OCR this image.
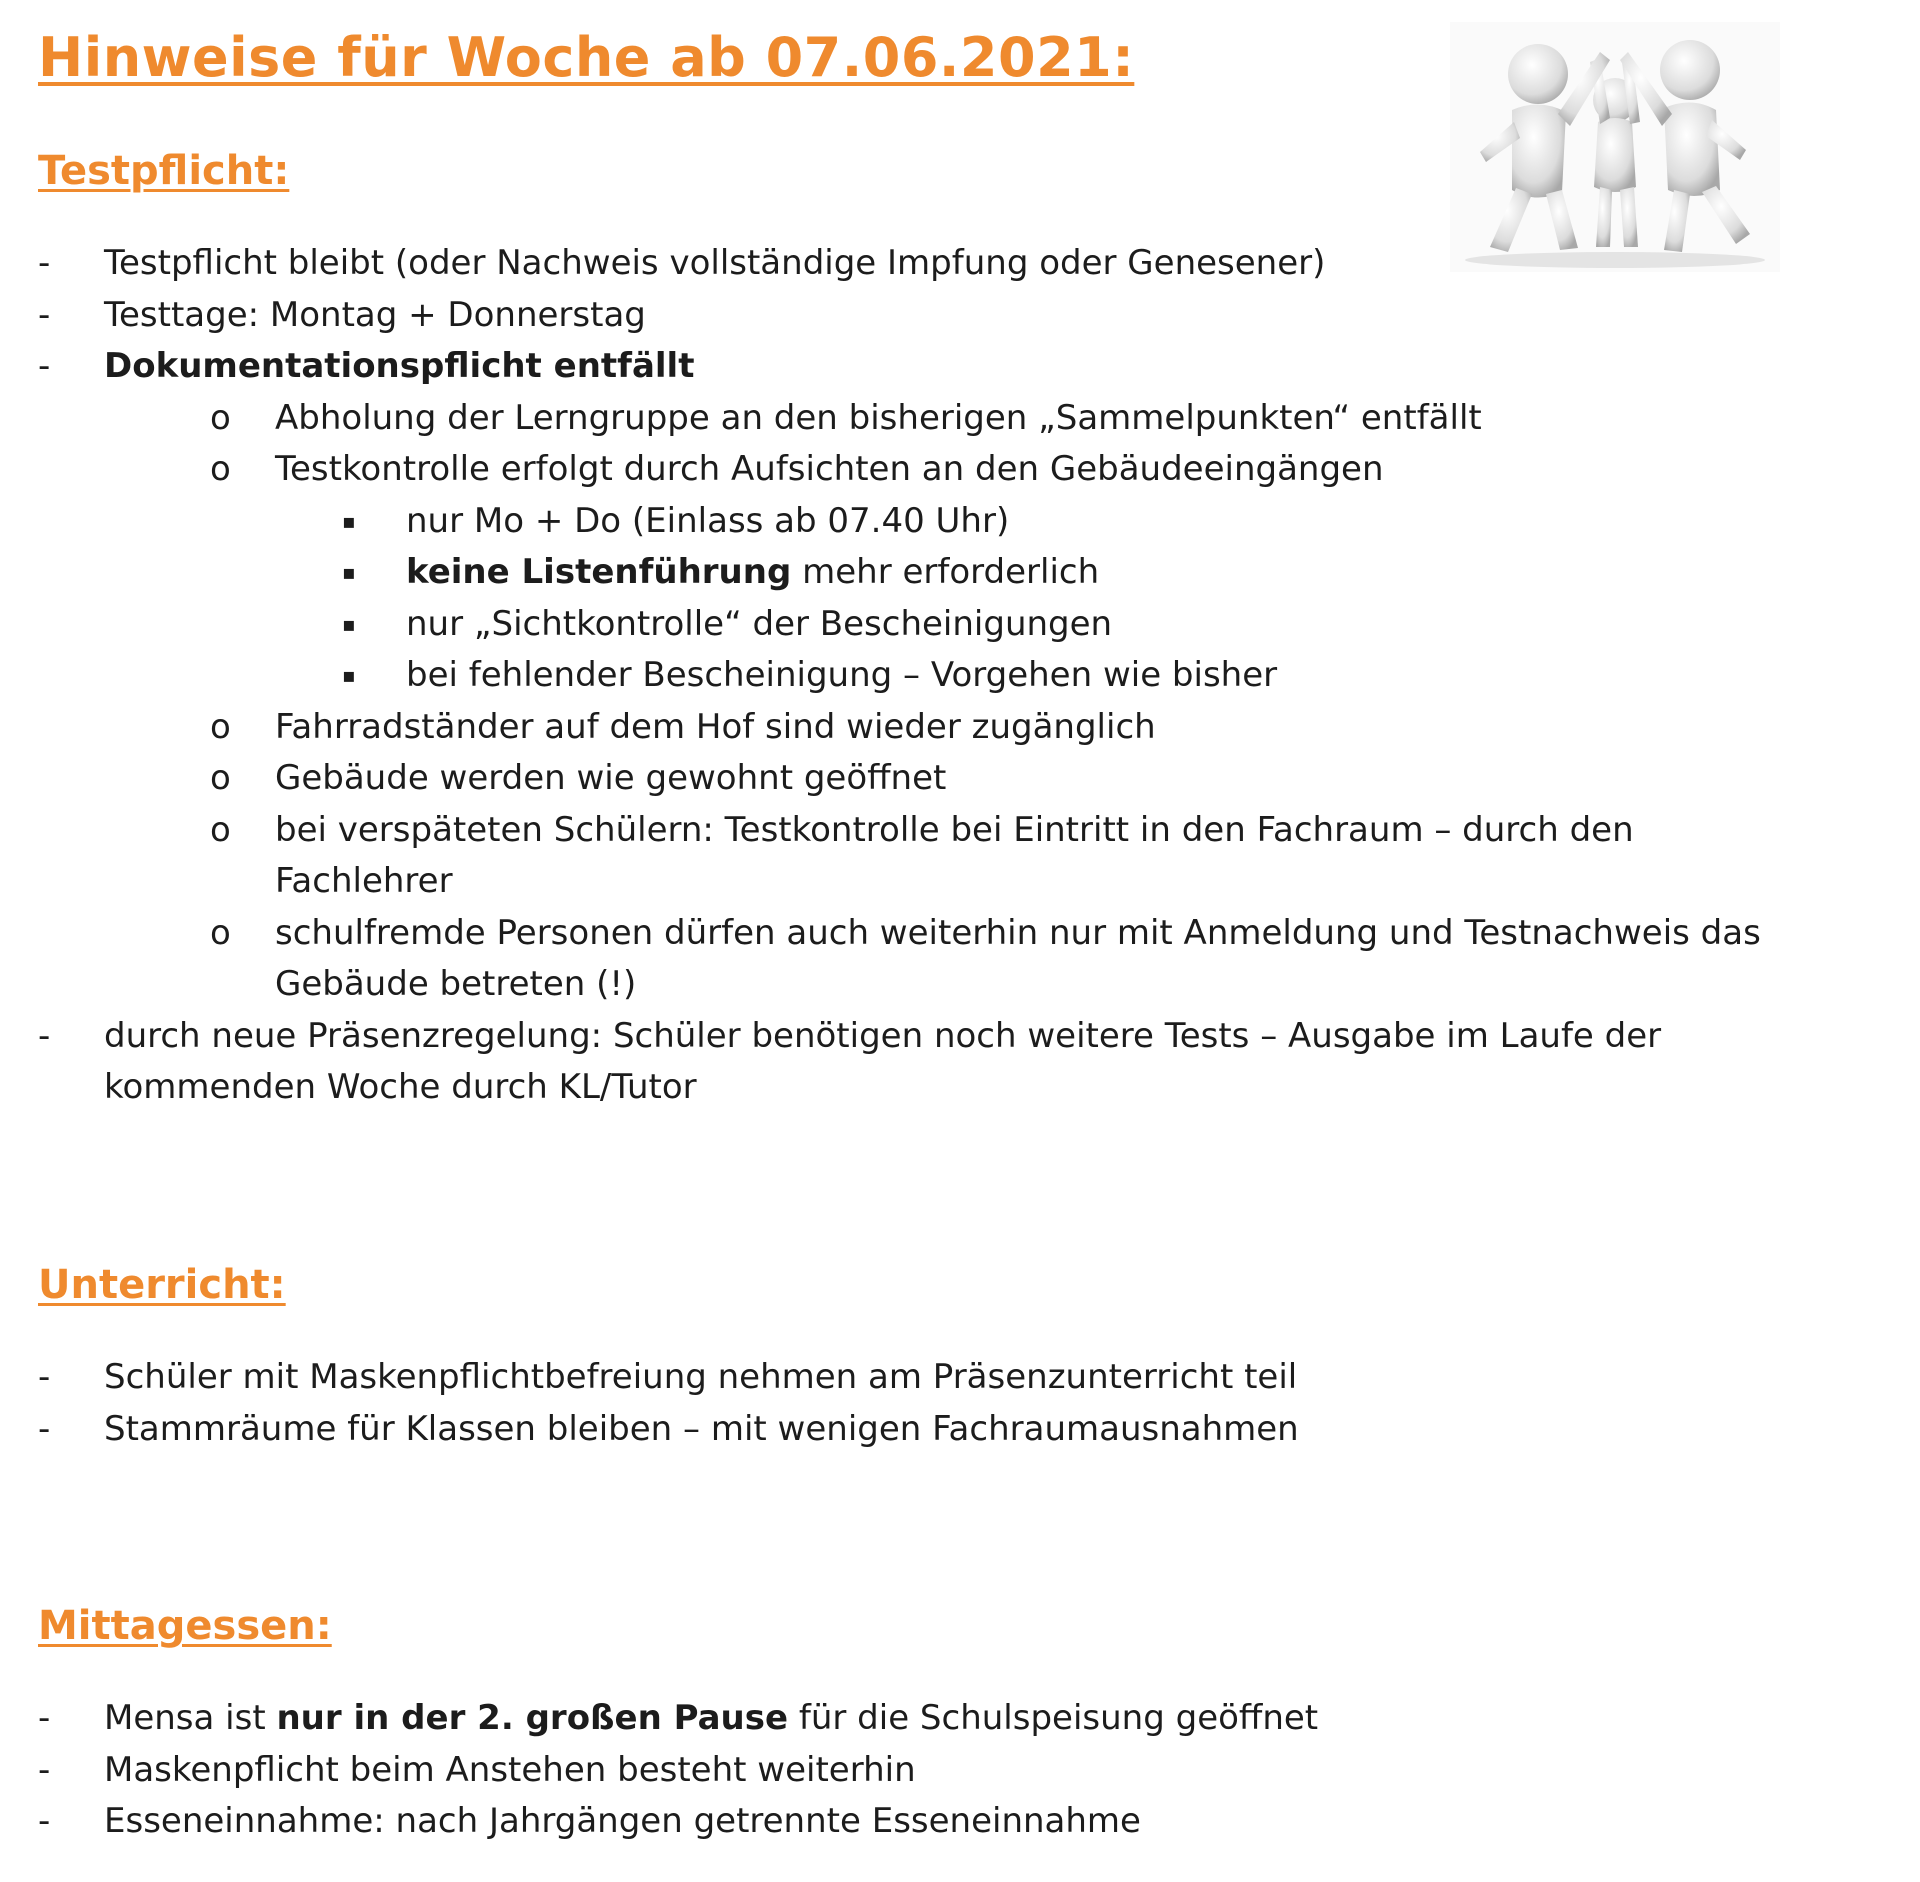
Hinweise für Woche ab 07.06.2021:
Testpflicht:
- Testpflicht bleibt (oder Nachweis vollständige Impfung oder Genesener)
- Testtage: Montag + Donnerstag
- Dokumentationspflicht entfällt
o Abholung der Lerngruppe an den bisherigen „Sammelpunkten“ entfällt
o Testkontrolle erfolgt durch Aufsichten an den Gebäudeeingängen
▪ nur Mo + Do (Einlass ab 07.40 Uhr)
▪ keine Listenführung mehr erforderlich
▪ nur „Sichtkontrolle“ der Bescheinigungen
▪ bei fehlender Bescheinigung – Vorgehen wie bisher
o Fahrradständer auf dem Hof sind wieder zugänglich
o Gebäude werden wie gewohnt geöffnet
o bei verspäteten Schülern: Testkontrolle bei Eintritt in den Fachraum – durch den
Fachlehrer
o schulfremde Personen dürfen auch weiterhin nur mit Anmeldung und Testnachweis das
Gebäude betreten (!)
- durch neue Präsenzregelung: Schüler benötigen noch weitere Tests – Ausgabe im Laufe der
kommenden Woche durch KL/Tutor
Unterricht:
- Schüler mit Maskenpflichtbefreiung nehmen am Präsenzunterricht teil
- Stammräume für Klassen bleiben – mit wenigen Fachraumausnahmen
Mittagessen:
- Mensa ist nur in der 2. großen Pause für die Schulspeisung geöffnet
- Maskenpflicht beim Anstehen besteht weiterhin
- Esseneinnahme: nach Jahrgängen getrennte Esseneinnahme
